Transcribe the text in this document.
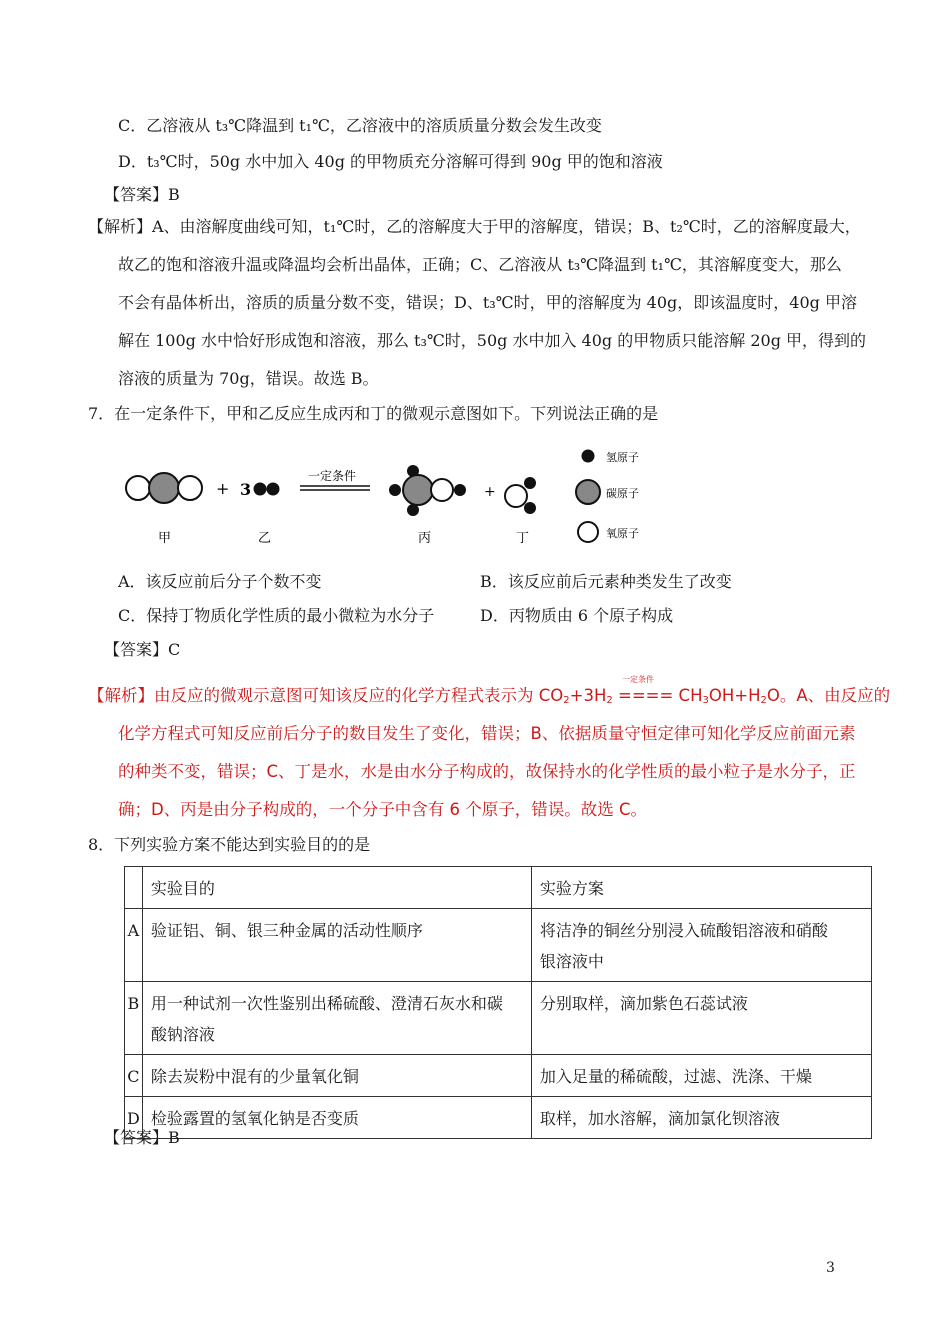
C．乙溶液从 t₃℃降温到 t₁℃，乙溶液中的溶质质量分数会发生改变
D．t₃℃时，50g 水中加入 40g 的甲物质充分溶解可得到 90g 甲的饱和溶液
【答案】B
【解析】A、由溶解度曲线可知，t₁℃时，乙的溶解度大于甲的溶解度，错误；B、t₂℃时，乙的溶解度最大，
故乙的饱和溶液升温或降温均会析出晶体，正确；C、乙溶液从 t₃℃降温到 t₁℃，其溶解度变大，那么
不会有晶体析出，溶质的质量分数不变，错误；D、t₃℃时，甲的溶解度为 40g，即该温度时，40g 甲溶
解在 100g 水中恰好形成饱和溶液，那么 t₃℃时，50g 水中加入 40g 的甲物质只能溶解 20g 甲，得到的
溶液的质量为 70g，错误。故选 B。
7．在一定条件下，甲和乙反应生成丙和丁的微观示意图如下。下列说法正确的是
甲
+ 3
乙
一定条件
丙
+
丁
氢原子
碳原子
氧原子
A．该反应前后分子个数不变	B．该反应前后元素种类发生了改变
C．保持丁物质化学性质的最小微粒为水分子	D．丙物质由 6 个原子构成
【答案】C
【解析】由反应的微观示意图可知该反应的化学方程式表示为 $CO_2+3H_2$
一定条件
==== $CH_3OH+H_2O$。A、由反应的
化学方程式可知反应前后分子的数目发生了变化，错误；B、依据质量守恒定律可知化学反应前面元素
的种类不变，错误；C、丁是水，水是由水分子构成的，故保持水的化学性质的最小粒子是水分子，正
确；D、丙是由分子构成的，一个分子中含有 6 个原子，错误。故选 C。
8．下列实验方案不能达到实验目的的是
	实验目的	实验方案
A	验证铝、铜、银三种金属的活动性顺序	将洁净的铜丝分别浸入硫酸铝溶液和硝酸银溶液中

B	用一种试剂一次性鉴别出稀硫酸、澄清石灰水和碳酸钠溶液	分别取样，滴加紫色石蕊试液
C	除去炭粉中混有的少量氧化铜	加入足量的稀硫酸，过滤、洗涤、干燥
D	检验露置的氢氧化钠是否变质	取样，加水溶解，滴加氯化钡溶液
【答案】B
3
